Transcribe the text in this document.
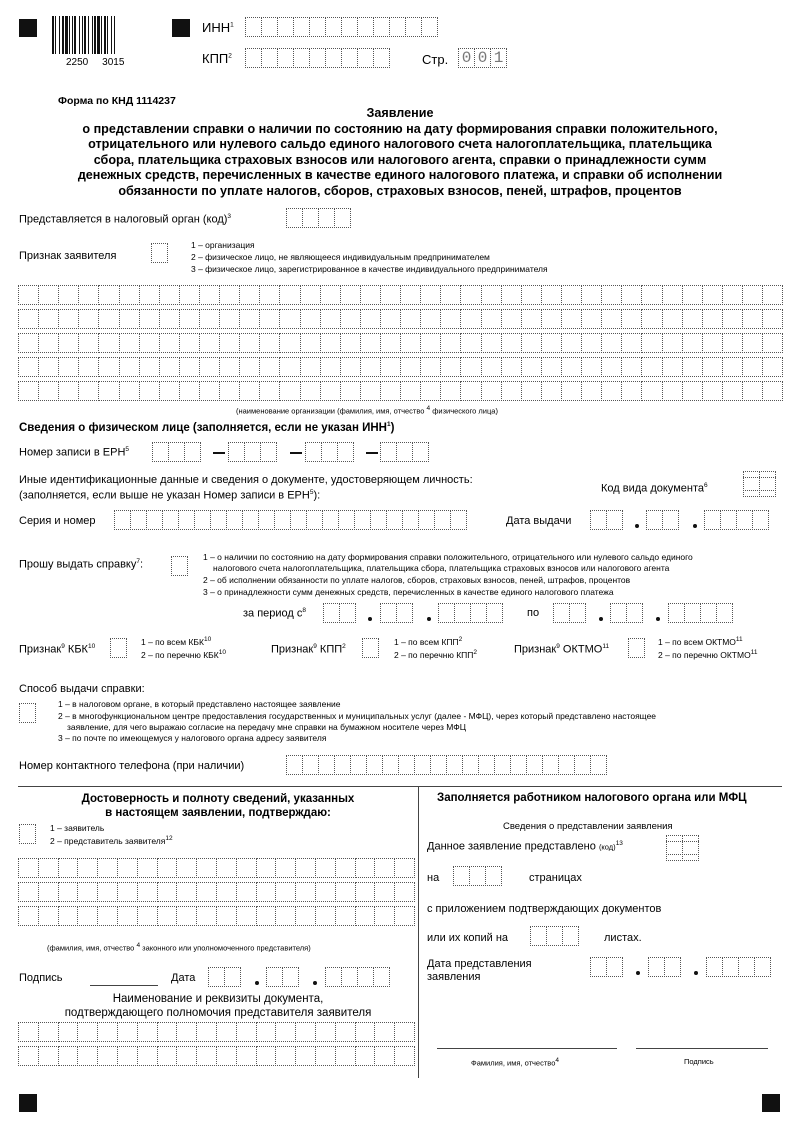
2250     3015
ИНН$^1$
КПП$^2$	Стр. 0 0 1
Форма по КНД 1114237
Заявление
о представлении справки о наличии по состоянию на дату формирования справки положительного,
отрицательного или нулевого сальдо единого налогового счета налогоплательщика, плательщика
сбора, плательщика страховых взносов или налогового агента, справки о принадлежности сумм
денежных средств, перечисленных в качестве единого налогового платежа, и справки об исполнении
обязанности по уплате налогов, сборов, страховых взносов, пеней, штрафов, процентов
Представляется в налоговый орган (код)$^3$
Признак заявителя
1 – организация
2 – физическое лицо, не являющееся индивидуальным предпринимателем
3 – физическое лицо, зарегистрированное в качестве индивидуального предпринимателя
(наименование организации (фамилия, имя, отчество $^4$ физического лица)
Сведения о физическом лице (заполняется, если не указан ИНН$^1$)
Номер записи в ЕРН$^5$
Иные идентификационные данные и сведения о документе, удостоверяющем личность:
(заполняется, если выше не указан Номер записи в ЕРН$^5$):
Код вида документа$^6$
Серия и номер	Дата выдачи
Прошу выдать справку$^7$:
1 – о наличии по состоянию на дату формирования справки положительного, отрицательного или нулевого сальдо единого
налогового счета налогоплательщика, плательщика сбора, плательщика страховых взносов или налогового агента
2 – об исполнении обязанности по уплате налогов, сборов, страховых взносов, пеней, штрафов, процентов
3 – о принадлежности сумм денежных средств, перечисленных в качестве единого налогового платежа
за период $с^8$	по
Признак$^9$ КБК$^{10}$	1 – по всем КБК$^{10}$
2 – по перечню КБК$^{10}$	Признак$^9$ КПП$^2$	1 – по всем КПП$^2$
2 – по перечню КПП$^2$	Признак$^9$ ОКТМО$^{11}$	1 – по всем ОКТМО$^{11}$
2 – по перечню ОКТМО$^{11}$
Способ выдачи справки:
1 – в налоговом органе, в который представлено настоящее заявление
2 – в многофункциональном центре предоставления государственных и муниципальных услуг (далее - МФЦ), через который представлено настоящее
заявление, для чего выражаю согласие на передачу мне справки на бумажном носителе через МФЦ
3 – по почте по имеющемуся у налогового органа адресу заявителя
Номер контактного телефона (при наличии)
Достоверность и полноту сведений, указанных
в настоящем заявлении, подтверждаю:
1 – заявитель
2 – представитель заявителя$^{12}$
(фамилия, имя, отчество $^4$ законного или уполномоченного представителя)
Подпись	Дата
Наименование и реквизиты документа,
подтверждающего полномочия представителя заявителя
Заполняется работником налогового органа или МФЦ
Сведения о представлении заявления
Данное заявление представлено (код)$^{13}$
на	страницах
с приложением подтверждающих документов
или их копий на	листах.
Дата представления
заявления
Фамилия, имя, отчество$^4$	Подпись
